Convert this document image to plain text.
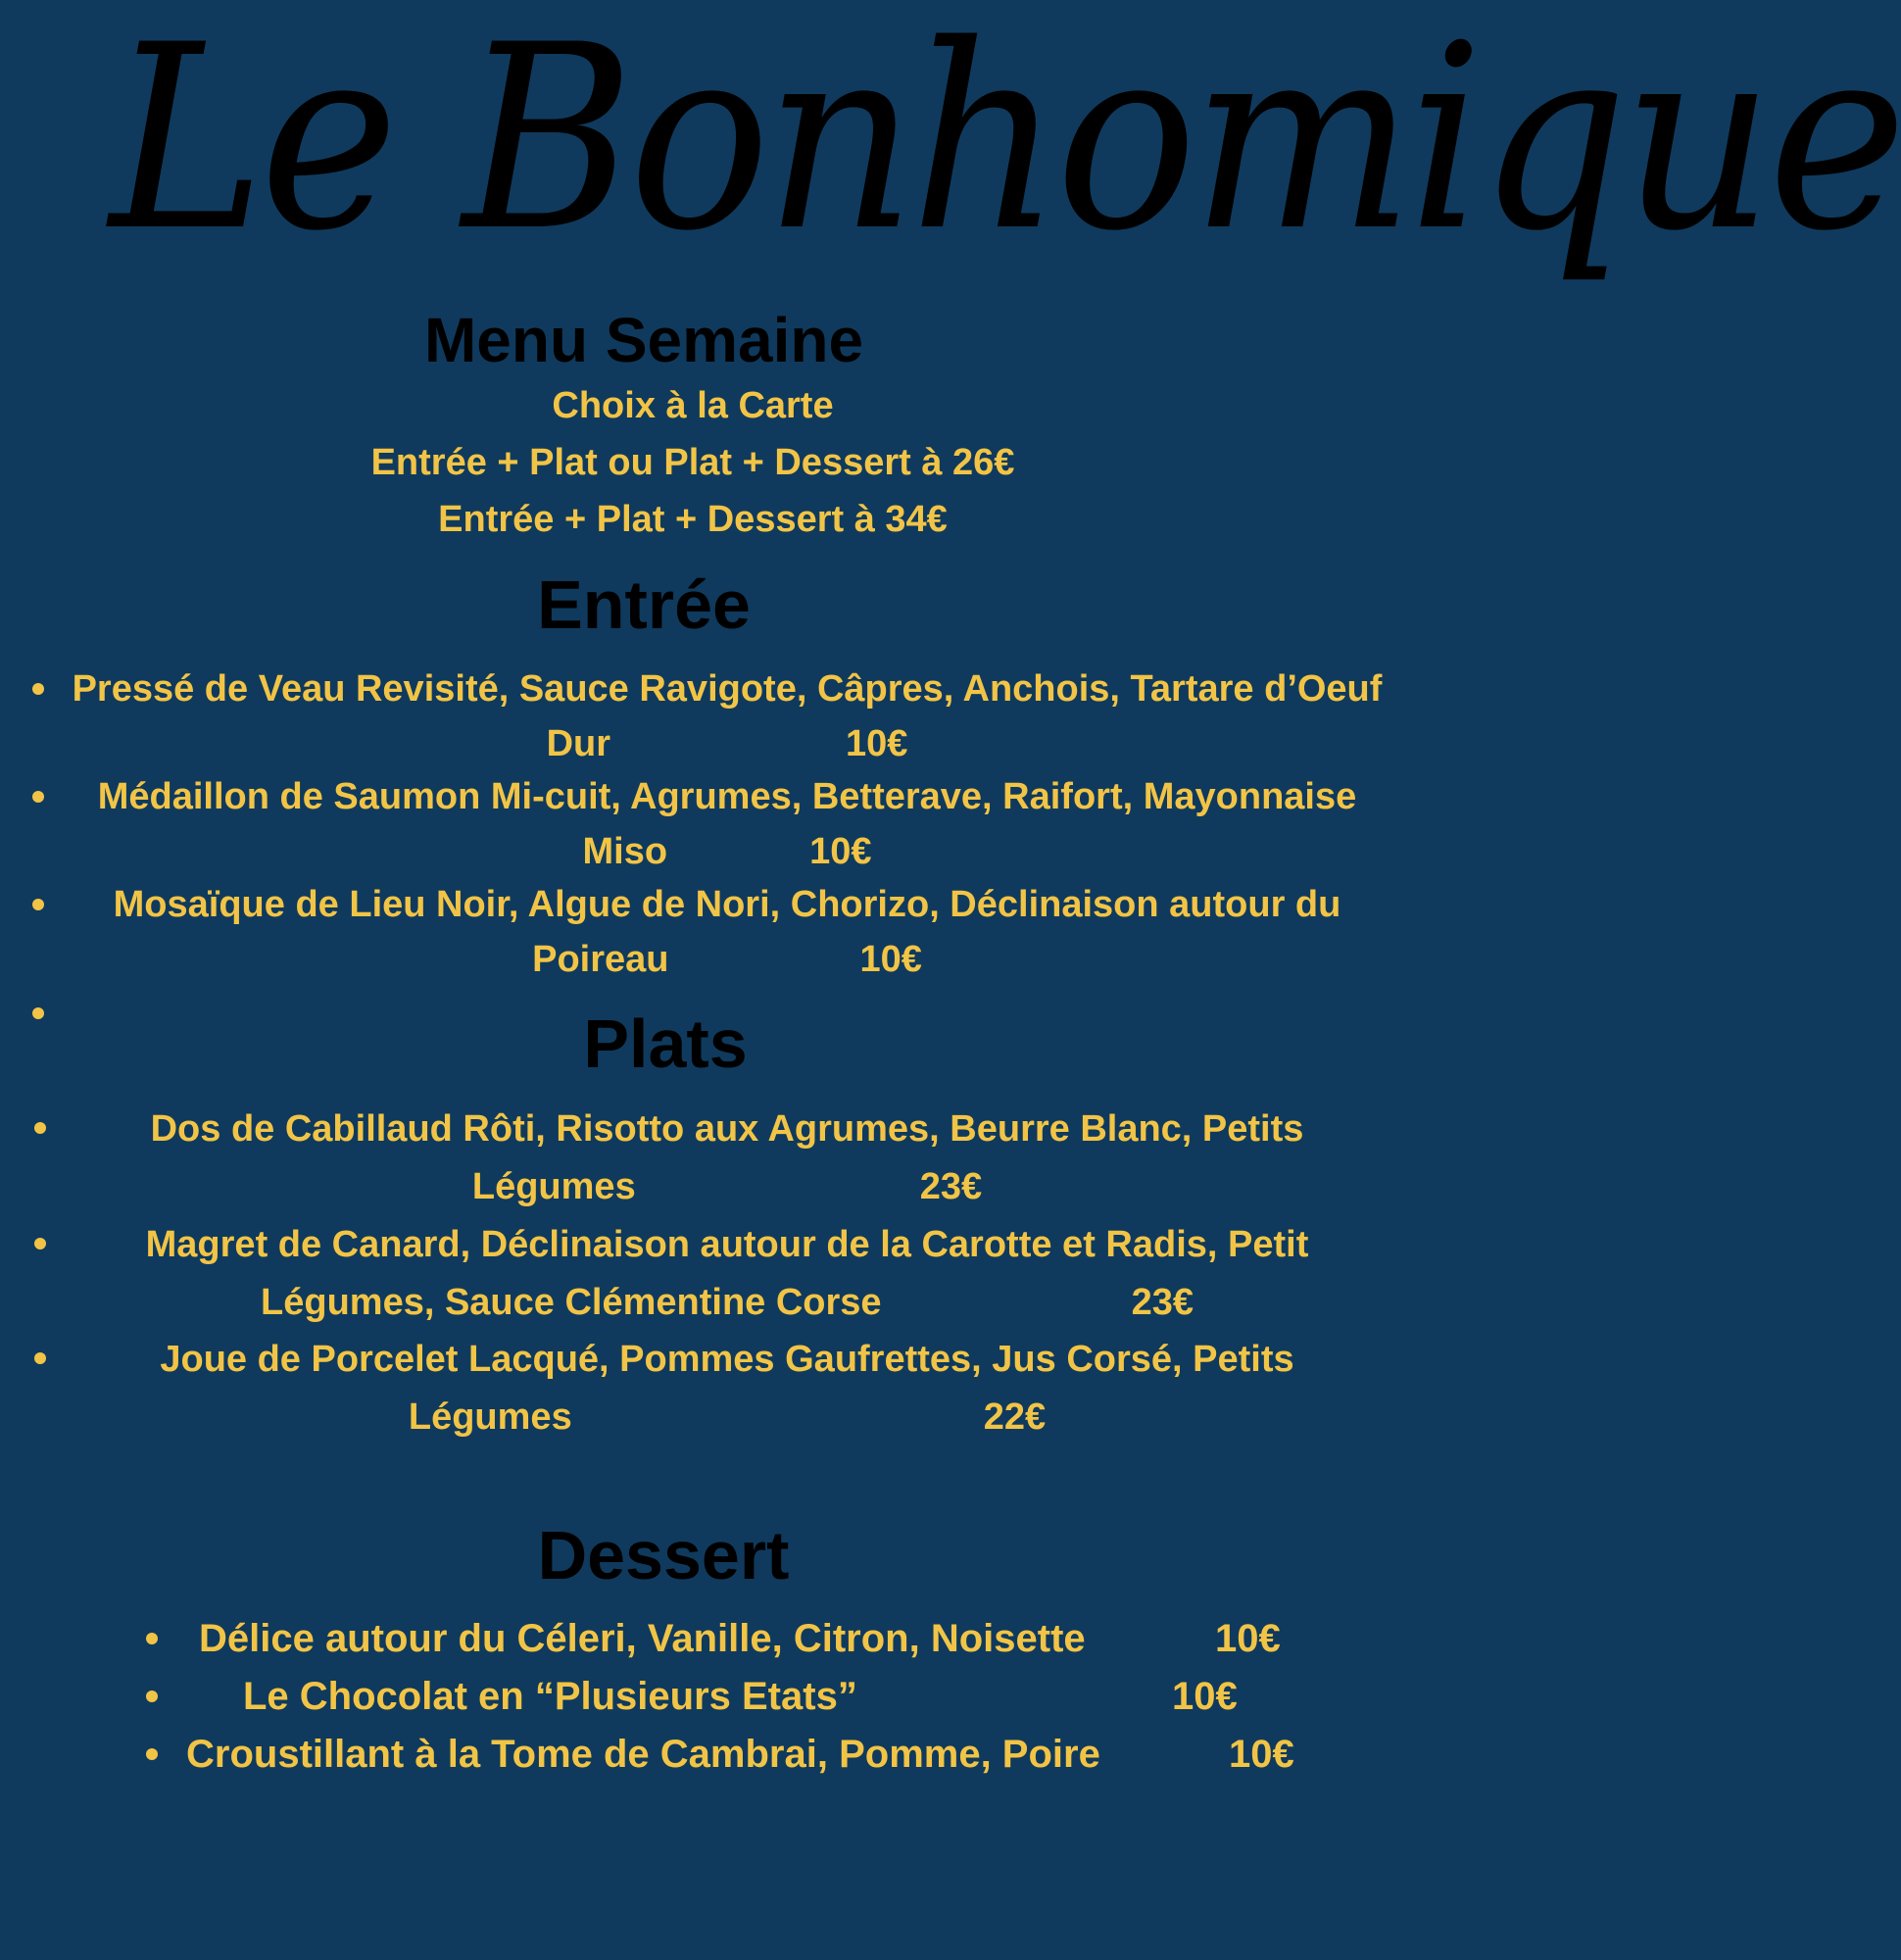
Le Bonhomique
Menu Semaine
Choix à la Carte
Entrée + Plat ou Plat + Dessert à 26€
Entrée + Plat + Dessert à 34€
Entrée
Pressé de Veau Revisité, Sauce Ravigote, Câpres, Anchois, Tartare d’Oeuf
Dur	10€
Médaillon de Saumon Mi-cuit, Agrumes, Betterave, Raifort, Mayonnaise
Miso	10€
Mosaïque de Lieu Noir, Algue de Nori, Chorizo, Déclinaison autour du
Poireau	10€
Plats
Dos de Cabillaud Rôti, Risotto aux Agrumes, Beurre Blanc, Petits
Légumes	23€
Magret de Canard, Déclinaison autour de la Carotte et Radis, Petit
Légumes, Sauce Clémentine Corse	23€
Joue de Porcelet Lacqué, Pommes Gaufrettes, Jus Corsé, Petits
Légumes	22€
Dessert
Délice autour du Céleri, Vanille, Citron, Noisette	10€
Le Chocolat en “Plusieurs Etats”	10€
Croustillant à la Tome de Cambrai, Pomme, Poire	10€
